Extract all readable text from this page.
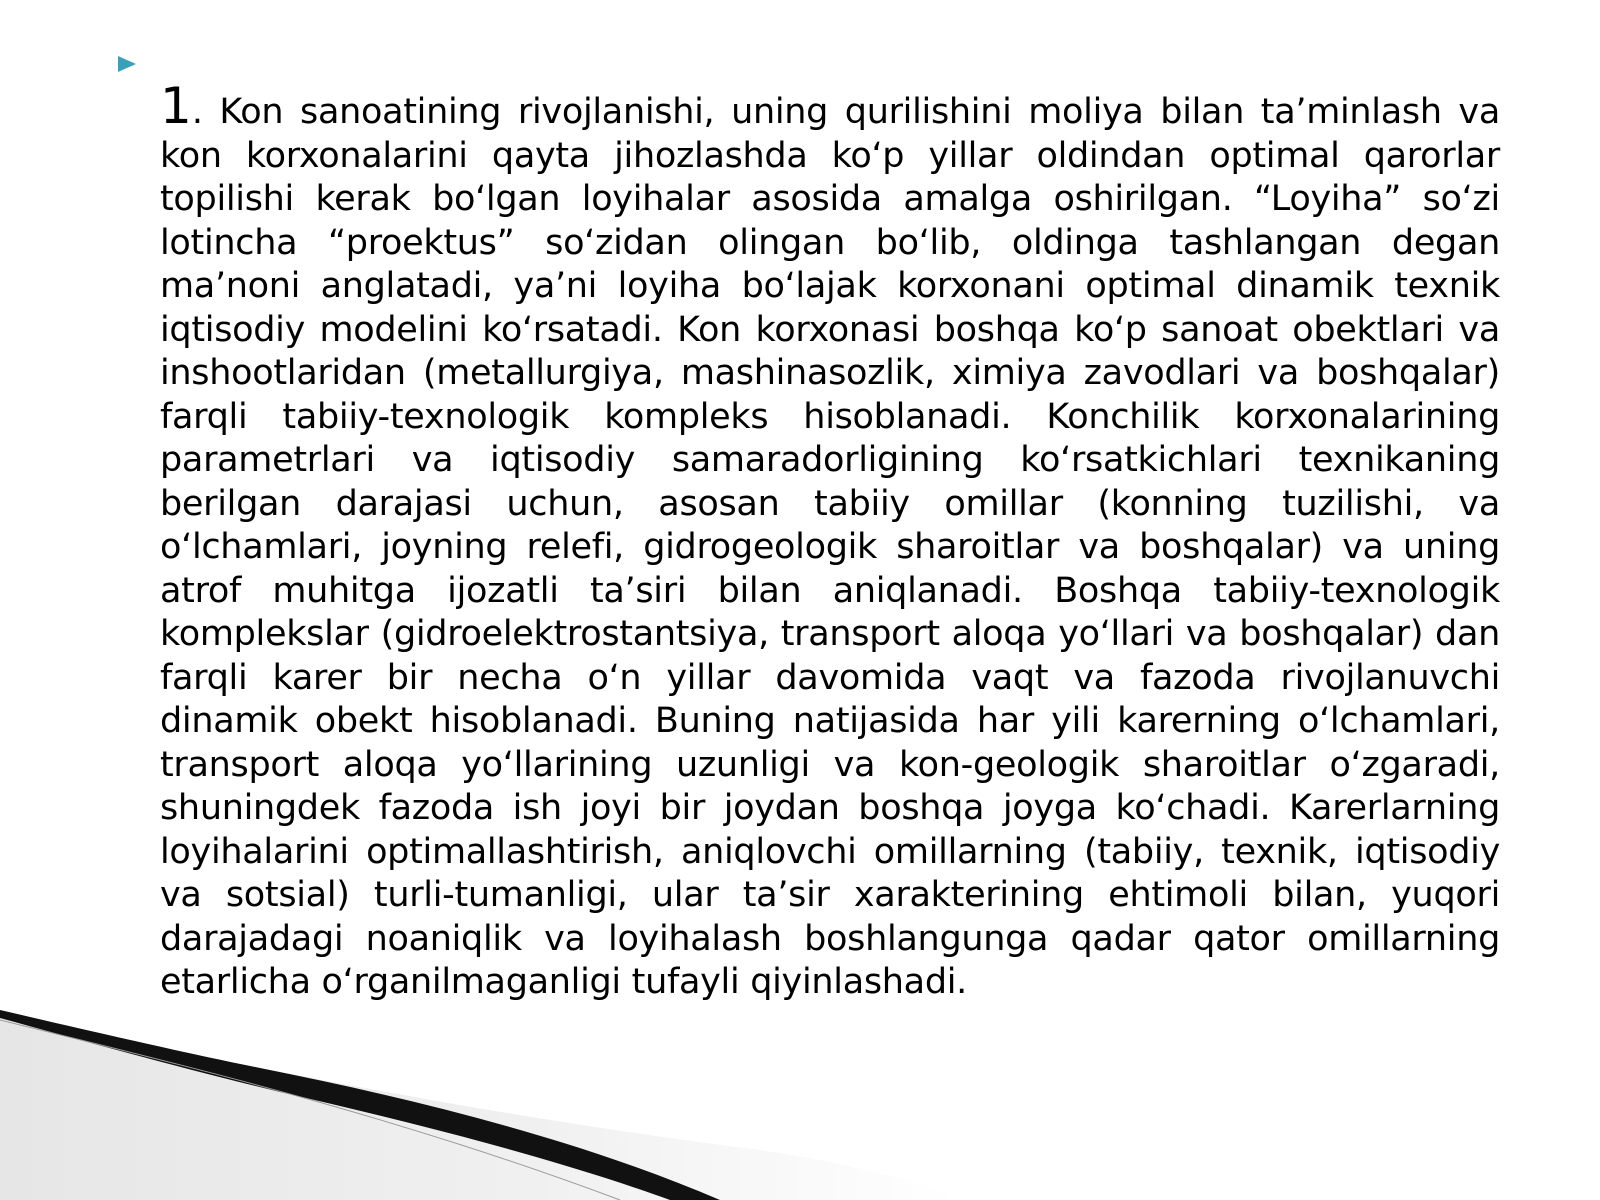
1. Kon sanoatining rivojlanishi, uning qurilishini moliya bilan ta’minlash va kon korxonalarini qayta jihozlashda ko‘p yillar oldindan optimal qarorlar topilishi kerak bo‘lgan loyihalar asosida amalga oshirilgan. “Loyiha” so‘zi lotincha “proektus” so‘zidan olingan bo‘lib, oldinga tashlangan degan ma’noni anglatadi, ya’ni loyiha bo‘lajak korxonani optimal dinamik texnik iqtisodiy modelini ko‘rsatadi. Kon korxonasi boshqa ko‘p sanoat obektlari va inshootlaridan (metallurgiya, mashinasozlik, ximiya zavodlari va boshqalar) farqli tabiiy-texnologik kompleks hisoblanadi. Konchilik korxonalarining parametrlari va iqtisodiy samaradorligining ko‘rsatkichlari texnikaning berilgan darajasi uchun, asosan tabiiy omillar (konning tuzilishi, va o‘lchamlari, joyning relefi, gidrogeologik sharoitlar va boshqalar) va uning atrof muhitga ijozatli ta’siri bilan aniqlanadi. Boshqa tabiiy-texnologik komplekslar (gidroelektrostantsiya, transport aloqa yo‘llari va boshqalar) dan farqli karer bir necha o‘n yillar davomida vaqt va fazoda rivojlanuvchi dinamik obekt hisoblanadi. Buning natijasida har yili karerning o‘lchamlari, transport aloqa yo‘llarining uzunligi va kon-geologik sharoitlar o‘zgaradi, shuningdek fazoda ish joyi bir joydan boshqa joyga ko‘chadi. Karerlarning loyihalarini optimallashtirish, aniqlovchi omillarning (tabiiy, texnik, iqtisodiy va sotsial) turli-tumanligi, ular ta’sir xarakterining ehtimoli bilan, yuqori darajadagi noaniqlik va loyihalash boshlangunga qadar qator omillarning etarlicha o‘rganilmaganligi tufayli qiyinlashadi.
